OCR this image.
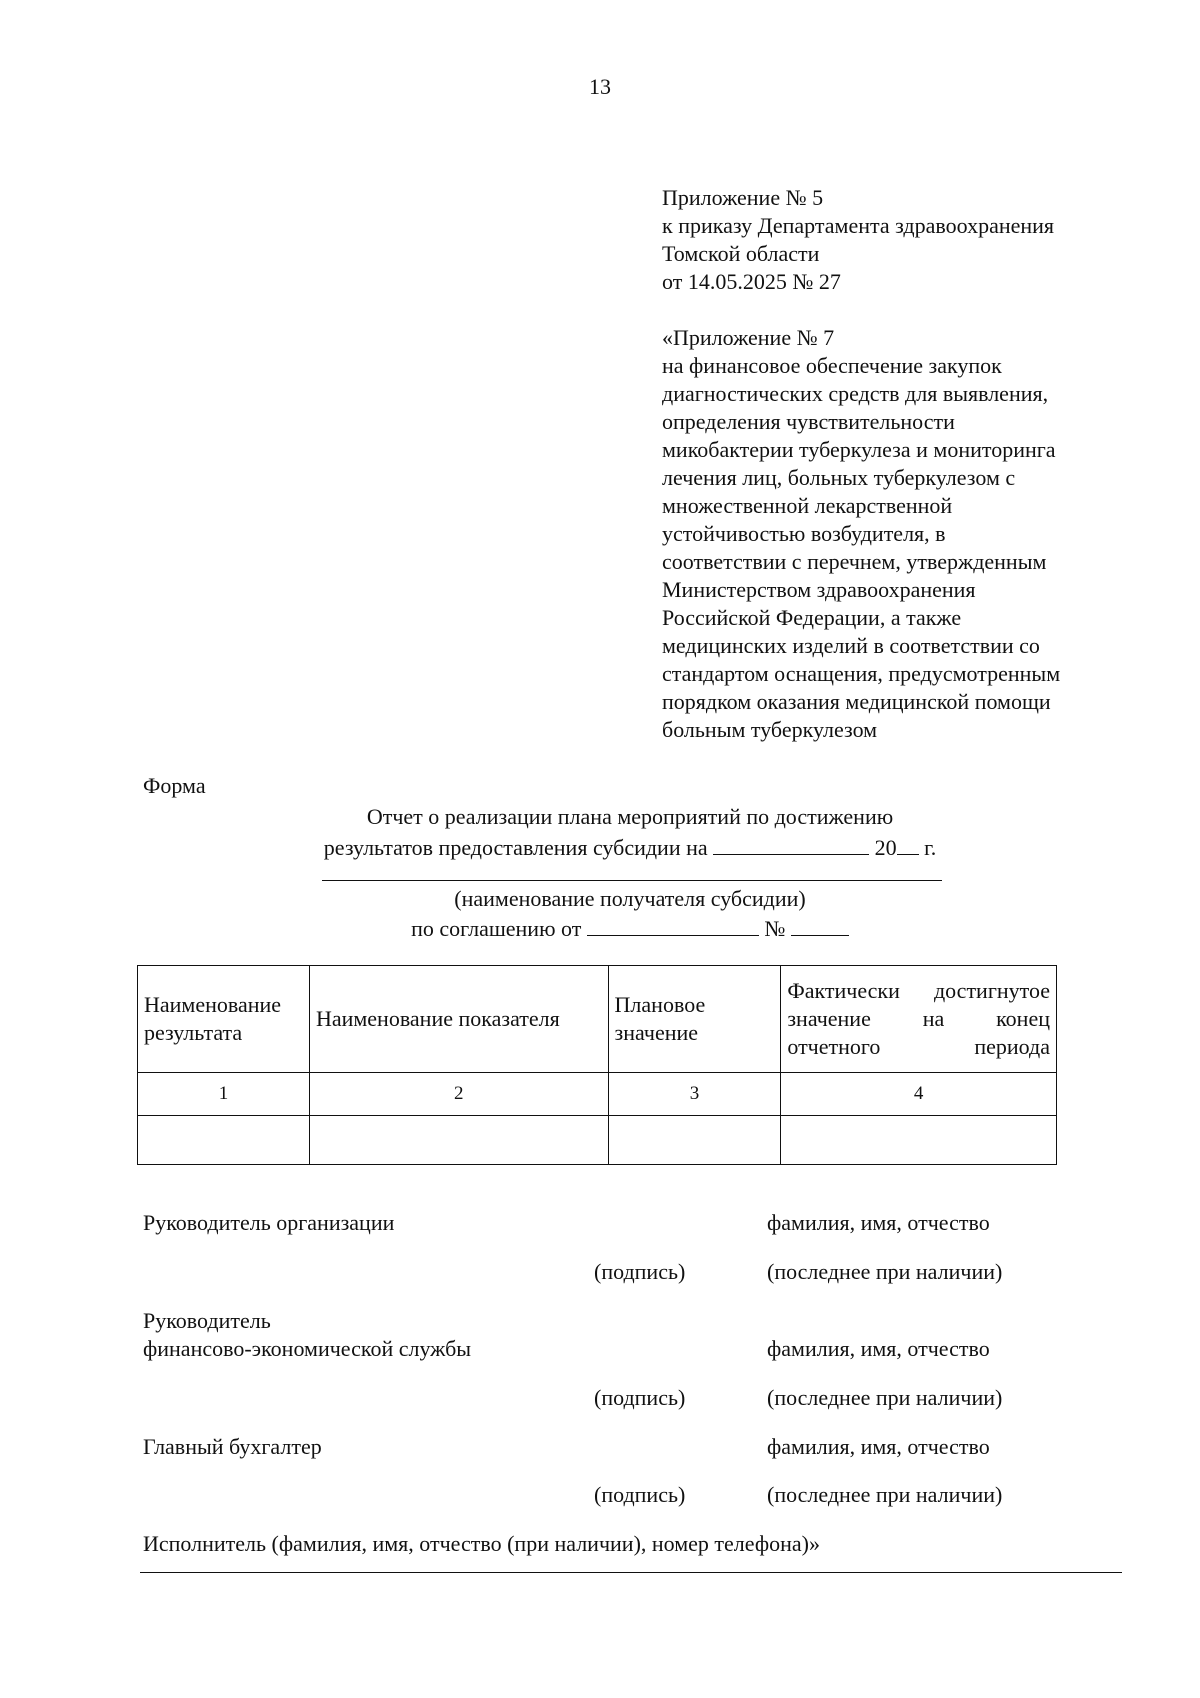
13
Приложение № 5
к приказу Департамента здравоохранения
Томской области
от 14.05.2025 № 27
«Приложение № 7
на финансовое обеспечение закупок
диагностических средств для выявления,
определения чувствительности
микобактерии туберкулеза и мониторинга
лечения лиц, больных туберкулезом с
множественной лекарственной
устойчивостью возбудителя, в
соответствии с перечнем, утвержденным
Министерством здравоохранения
Российской Федерации, а также
медицинских изделий в соответствии со
стандартом оснащения, предусмотренным
порядком оказания медицинской помощи
больным туберкулезом
Форма
Отчет о реализации плана мероприятий по достижению
результатов предоставления субсидии на	20 г.
(наименование получателя субсидии)
по соглашению от	№
Наименование результата	Наименование показателя	Плановое значение	Фактически достигнутое значение на конец отчетного периода
1	2	3	4

Руководитель организации	фамилия, имя, отчество
(подпись)	(последнее при наличии)
Руководитель
финансово-экономической службы	фамилия, имя, отчество
(подпись)	(последнее при наличии)
Главный бухгалтер	фамилия, имя, отчество
(подпись)	(последнее при наличии)
Исполнитель (фамилия, имя, отчество (при наличии), номер телефона)»
